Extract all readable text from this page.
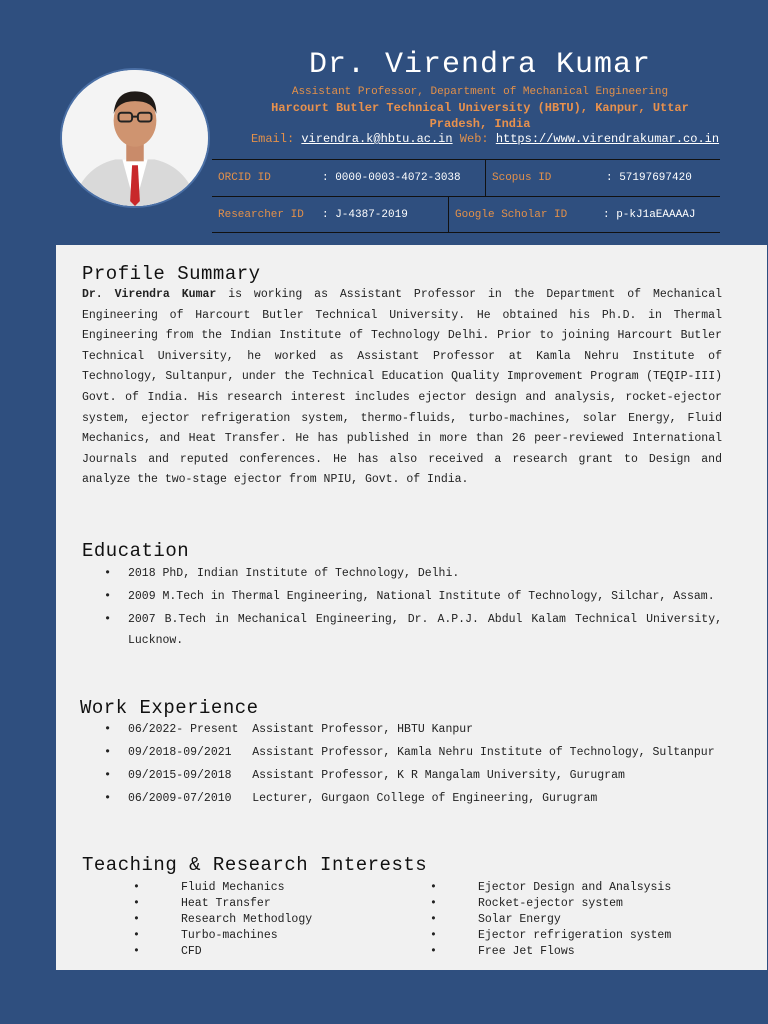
Dr. Virendra Kumar
Assistant Professor, Department of Mechanical Engineering
Harcourt Butler Technical University (HBTU), Kanpur, Uttar
Pradesh, India
Email: virendra.k@hbtu.ac.in Web: https://www.virendrakumar.co.in
ORCID ID	: 0000-0003-4072-3038	Scopus ID	: 57197697420
Researcher ID	: J-4387-2019	Google Scholar ID	: p-kJ1aEAAAAJ
Profile Summary
Dr. Virendra Kumar is working as Assistant Professor in the Department of Mechanical Engineering of Harcourt Butler Technical University. He obtained his Ph.D. in Thermal Engineering from the Indian Institute of Technology Delhi. Prior to joining Harcourt Butler Technical University, he worked as Assistant Professor at Kamla Nehru Institute of Technology, Sultanpur, under the Technical Education Quality Improvement Program (TEQIP-III) Govt. of India. His research interest includes ejector design and analysis, rocket-ejector system, ejector refrigeration system, thermo-fluids, turbo-machines, solar Energy, Fluid Mechanics, and Heat Transfer. He has published in more than 26 peer-reviewed International Journals and reputed conferences. He has also received a research grant to Design and analyze the two-stage ejector from NPIU, Govt. of India.
Education
• 2018 PhD, Indian Institute of Technology, Delhi.
• 2009 M.Tech in Thermal Engineering, National Institute of Technology, Silchar, Assam.
• 2007 B.Tech in Mechanical Engineering, Dr. A.P.J. Abdul Kalam Technical University, Lucknow.
Work Experience
• 06/2022- Present  Assistant Professor, HBTU Kanpur
• 09/2018-09/2021   Assistant Professor, Kamla Nehru Institute of Technology, Sultanpur
• 09/2015-09/2018   Assistant Professor, K R Mangalam University, Gurugram
• 06/2009-07/2010   Lecturer, Gurgaon College of Engineering, Gurugram
Teaching & Research Interests
• Fluid Mechanics
• Heat Transfer
• Research Methodlogy
• Turbo-machines
• CFD
• Ejector Design and Analsysis
• Rocket-ejector system
• Solar Energy
• Ejector refrigeration system
• Free Jet Flows
